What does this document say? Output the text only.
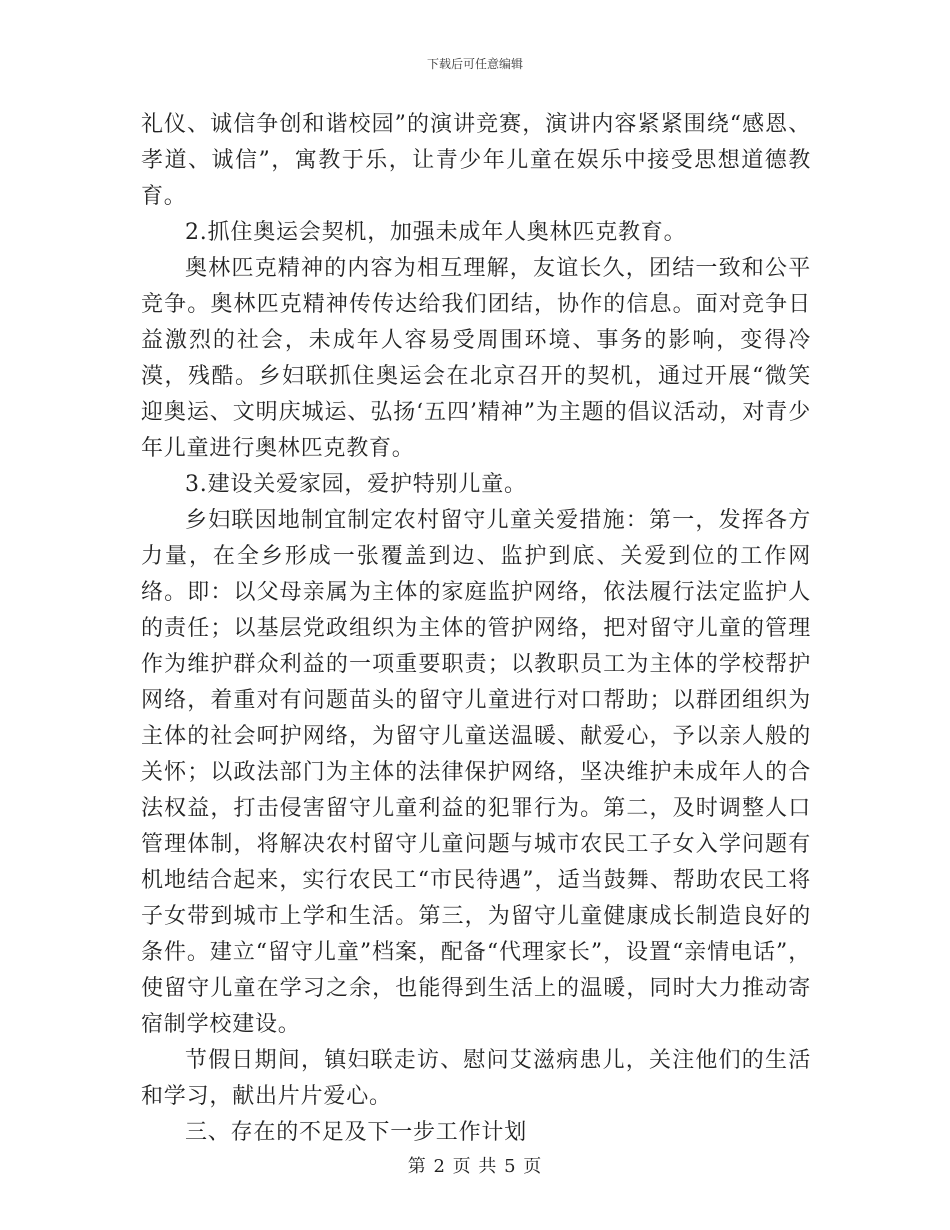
下载后可任意编辑

礼仪、诚信争创和谐校园”的演讲竞赛，演讲内容紧紧围绕“感恩、孝道、诚信”，寓教于乐，让青少年儿童在娱乐中接受思想道德教育。

2.抓住奥运会契机，加强未成年人奥林匹克教育。

奥林匹克精神的内容为相互理解，友谊长久，团结一致和公平竞争。奥林匹克精神传传达给我们团结，协作的信息。面对竞争日益激烈的社会，未成年人容易受周围环境、事务的影响，变得冷漠，残酷。乡妇联抓住奥运会在北京召开的契机，通过开展“微笑迎奥运、文明庆城运、弘扬‘五四’精神”为主题的倡议活动，对青少年儿童进行奥林匹克教育。

3.建设关爱家园，爱护特别儿童。

乡妇联因地制宜制定农村留守儿童关爱措施：第一，发挥各方力量，在全乡形成一张覆盖到边、监护到底、关爱到位的工作网络。即：以父母亲属为主体的家庭监护网络，依法履行法定监护人的责任；以基层党政组织为主体的管护网络，把对留守儿童的管理作为维护群众利益的一项重要职责；以教职员工为主体的学校帮护网络，着重对有问题苗头的留守儿童进行对口帮助；以群团组织为主体的社会呵护网络，为留守儿童送温暖、献爱心，予以亲人般的关怀；以政法部门为主体的法律保护网络，坚决维护未成年人的合法权益，打击侵害留守儿童利益的犯罪行为。第二，及时调整人口管理体制，将解决农村留守儿童问题与城市农民工子女入学问题有机地结合起来，实行农民工“市民待遇”，适当鼓舞、帮助农民工将子女带到城市上学和生活。第三，为留守儿童健康成长制造良好的条件。建立“留守儿童”档案，配备“代理家长”，设置“亲情电话”，使留守儿童在学习之余，也能得到生活上的温暖，同时大力推动寄宿制学校建设。

节假日期间，镇妇联走访、慰问艾滋病患儿，关注他们的生活和学习，献出片片爱心。

三、存在的不足及下一步工作计划

第 2 页 共 5 页
